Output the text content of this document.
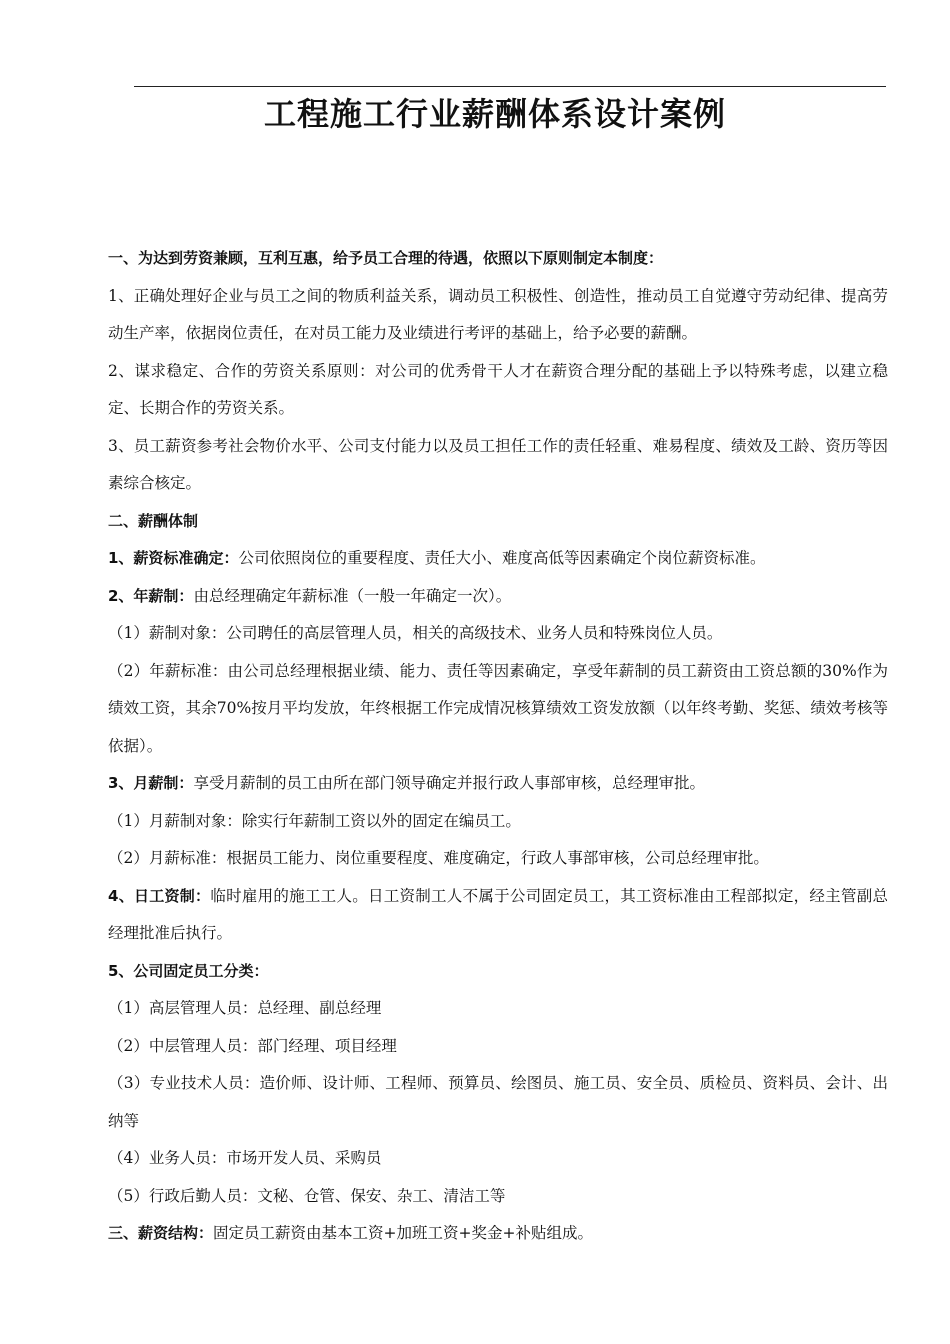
工程施工行业薪酬体系设计案例

一、为达到劳资兼顾，互利互惠，给予员工合理的待遇，依照以下原则制定本制度：

1、正确处理好企业与员工之间的物质利益关系，调动员工积极性、创造性，推动员工自觉遵守劳动纪律、提高劳动生产率，依据岗位责任，在对员工能力及业绩进行考评的基础上，给予必要的薪酬。

2、谋求稳定、合作的劳资关系原则：对公司的优秀骨干人才在薪资合理分配的基础上予以特殊考虑，以建立稳定、长期合作的劳资关系。

3、员工薪资参考社会物价水平、公司支付能力以及员工担任工作的责任轻重、难易程度、绩效及工龄、资历等因素综合核定。

二、薪酬体制

1、薪资标准确定：公司依照岗位的重要程度、责任大小、难度高低等因素确定个岗位薪资标准。

2、年薪制：由总经理确定年薪标准（一般一年确定一次）。

（1）薪制对象：公司聘任的高层管理人员，相关的高级技术、业务人员和特殊岗位人员。

（2）年薪标准：由公司总经理根据业绩、能力、责任等因素确定，享受年薪制的员工薪资由工资总额的30%作为绩效工资，其余70%按月平均发放，年终根据工作完成情况核算绩效工资发放额（以年终考勤、奖惩、绩效考核等依据）。

3、月薪制：享受月薪制的员工由所在部门领导确定并报行政人事部审核，总经理审批。

（1）月薪制对象：除实行年薪制工资以外的固定在编员工。

（2）月薪标准：根据员工能力、岗位重要程度、难度确定，行政人事部审核，公司总经理审批。

4、日工资制：临时雇用的施工工人。日工资制工人不属于公司固定员工，其工资标准由工程部拟定，经主管副总经理批准后执行。

5、公司固定员工分类：

（1）高层管理人员：总经理、副总经理

（2）中层管理人员：部门经理、项目经理

（3）专业技术人员：造价师、设计师、工程师、预算员、绘图员、施工员、安全员、质检员、资料员、会计、出纳等

（4）业务人员：市场开发人员、采购员

（5）行政后勤人员：文秘、仓管、保安、杂工、清洁工等

三、薪资结构：固定员工薪资由基本工资+加班工资+奖金+补贴组成。
